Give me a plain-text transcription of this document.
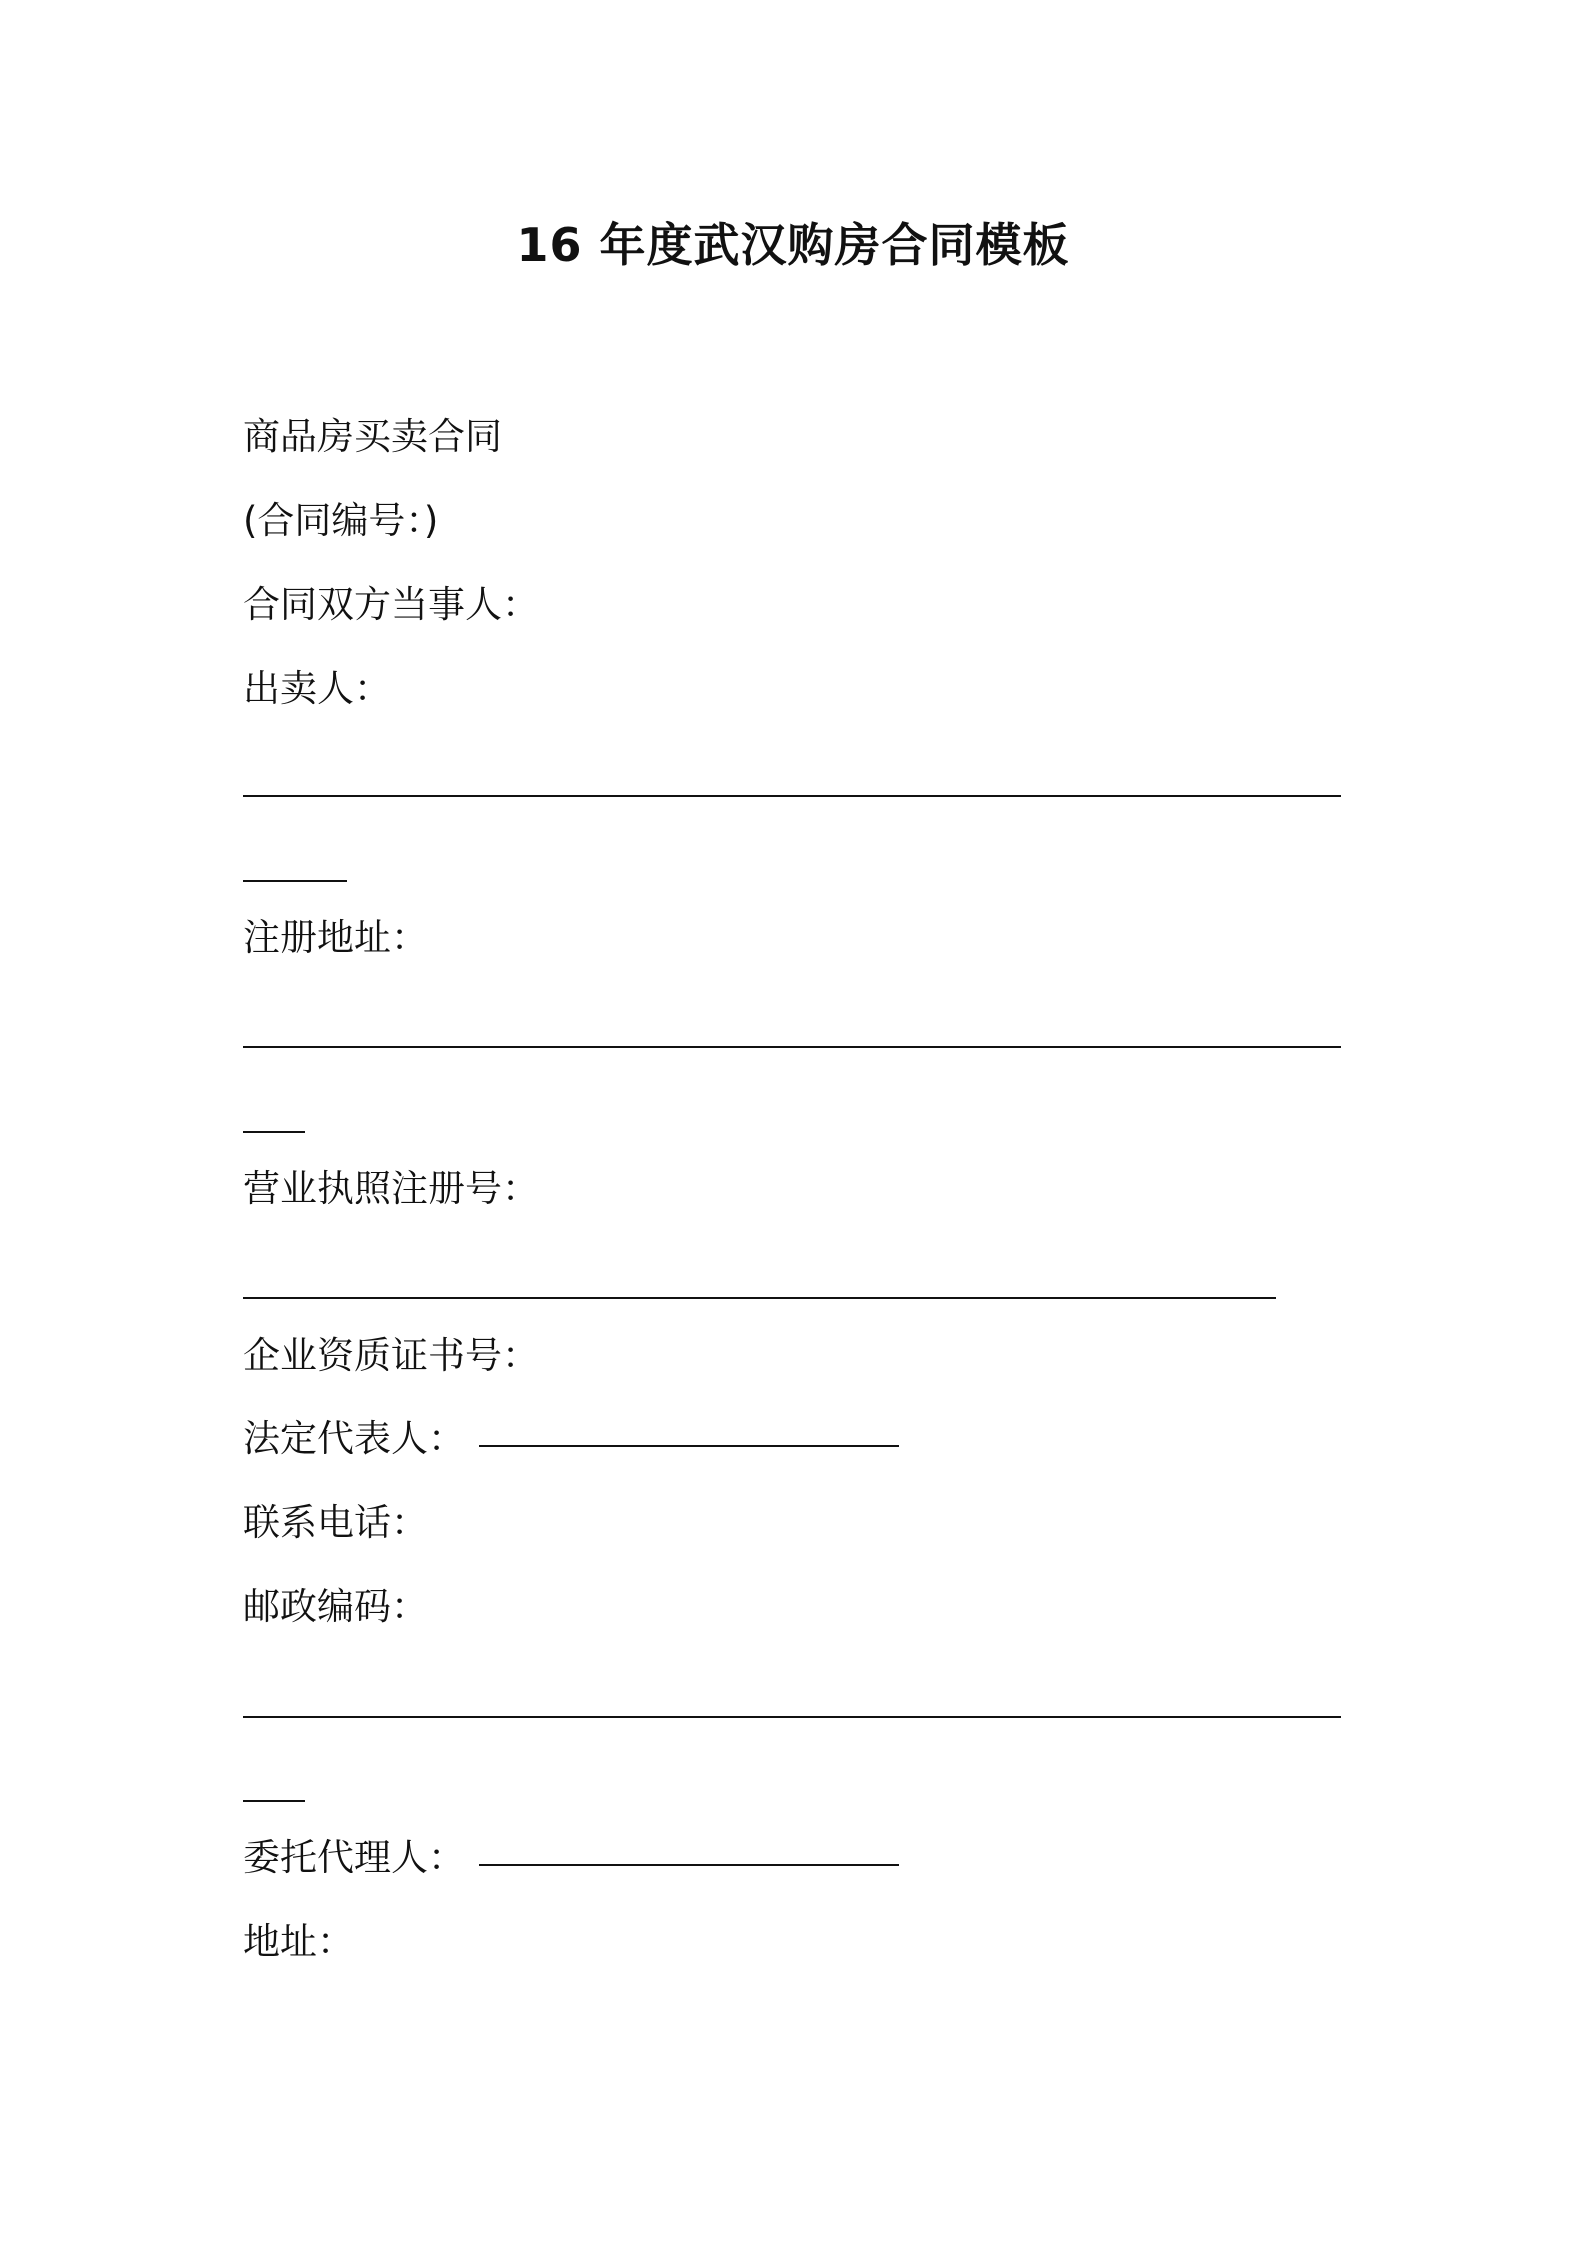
16 年度武汉购房合同模板
商品房买卖合同
(合同编号：)
合同双方当事人：
出卖人：
注册地址：
营业执照注册号：
企业资质证书号：
法定代表人：
联系电话：
邮政编码：
委托代理人：
地址：
